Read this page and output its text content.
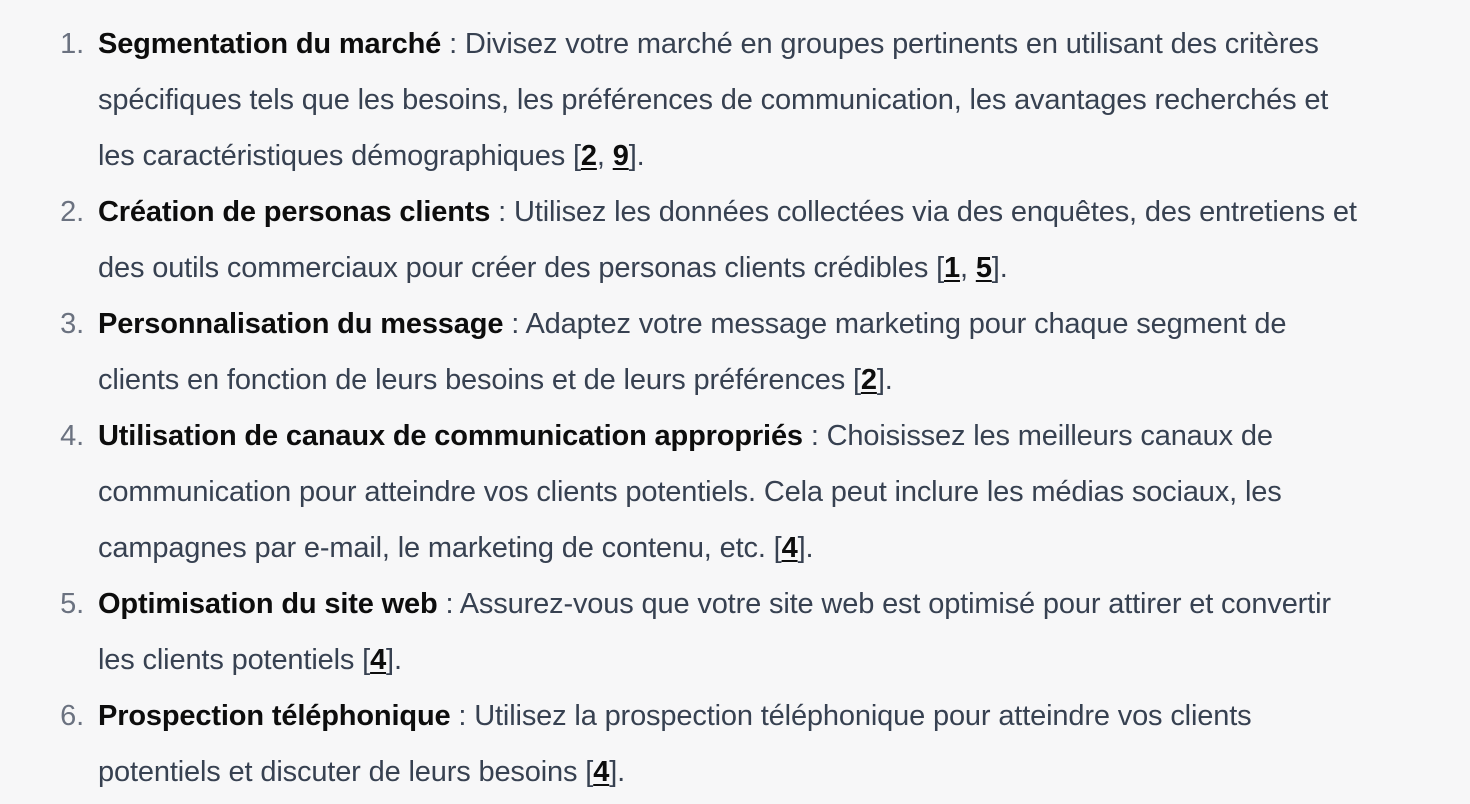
1. Segmentation du marché : Divisez votre marché en groupes pertinents en utilisant des critères spécifiques tels que les besoins, les préférences de communication, les avantages recherchés et les caractéristiques démographiques [2, 9].
2. Création de personas clients : Utilisez les données collectées via des enquêtes, des entretiens et des outils commerciaux pour créer des personas clients crédibles [1, 5].
3. Personnalisation du message : Adaptez votre message marketing pour chaque segment de clients en fonction de leurs besoins et de leurs préférences [2].
4. Utilisation de canaux de communication appropriés : Choisissez les meilleurs canaux de communication pour atteindre vos clients potentiels. Cela peut inclure les médias sociaux, les campagnes par e-mail, le marketing de contenu, etc. [4].
5. Optimisation du site web : Assurez-vous que votre site web est optimisé pour attirer et convertir les clients potentiels [4].
6. Prospection téléphonique : Utilisez la prospection téléphonique pour atteindre vos clients potentiels et discuter de leurs besoins [4].
